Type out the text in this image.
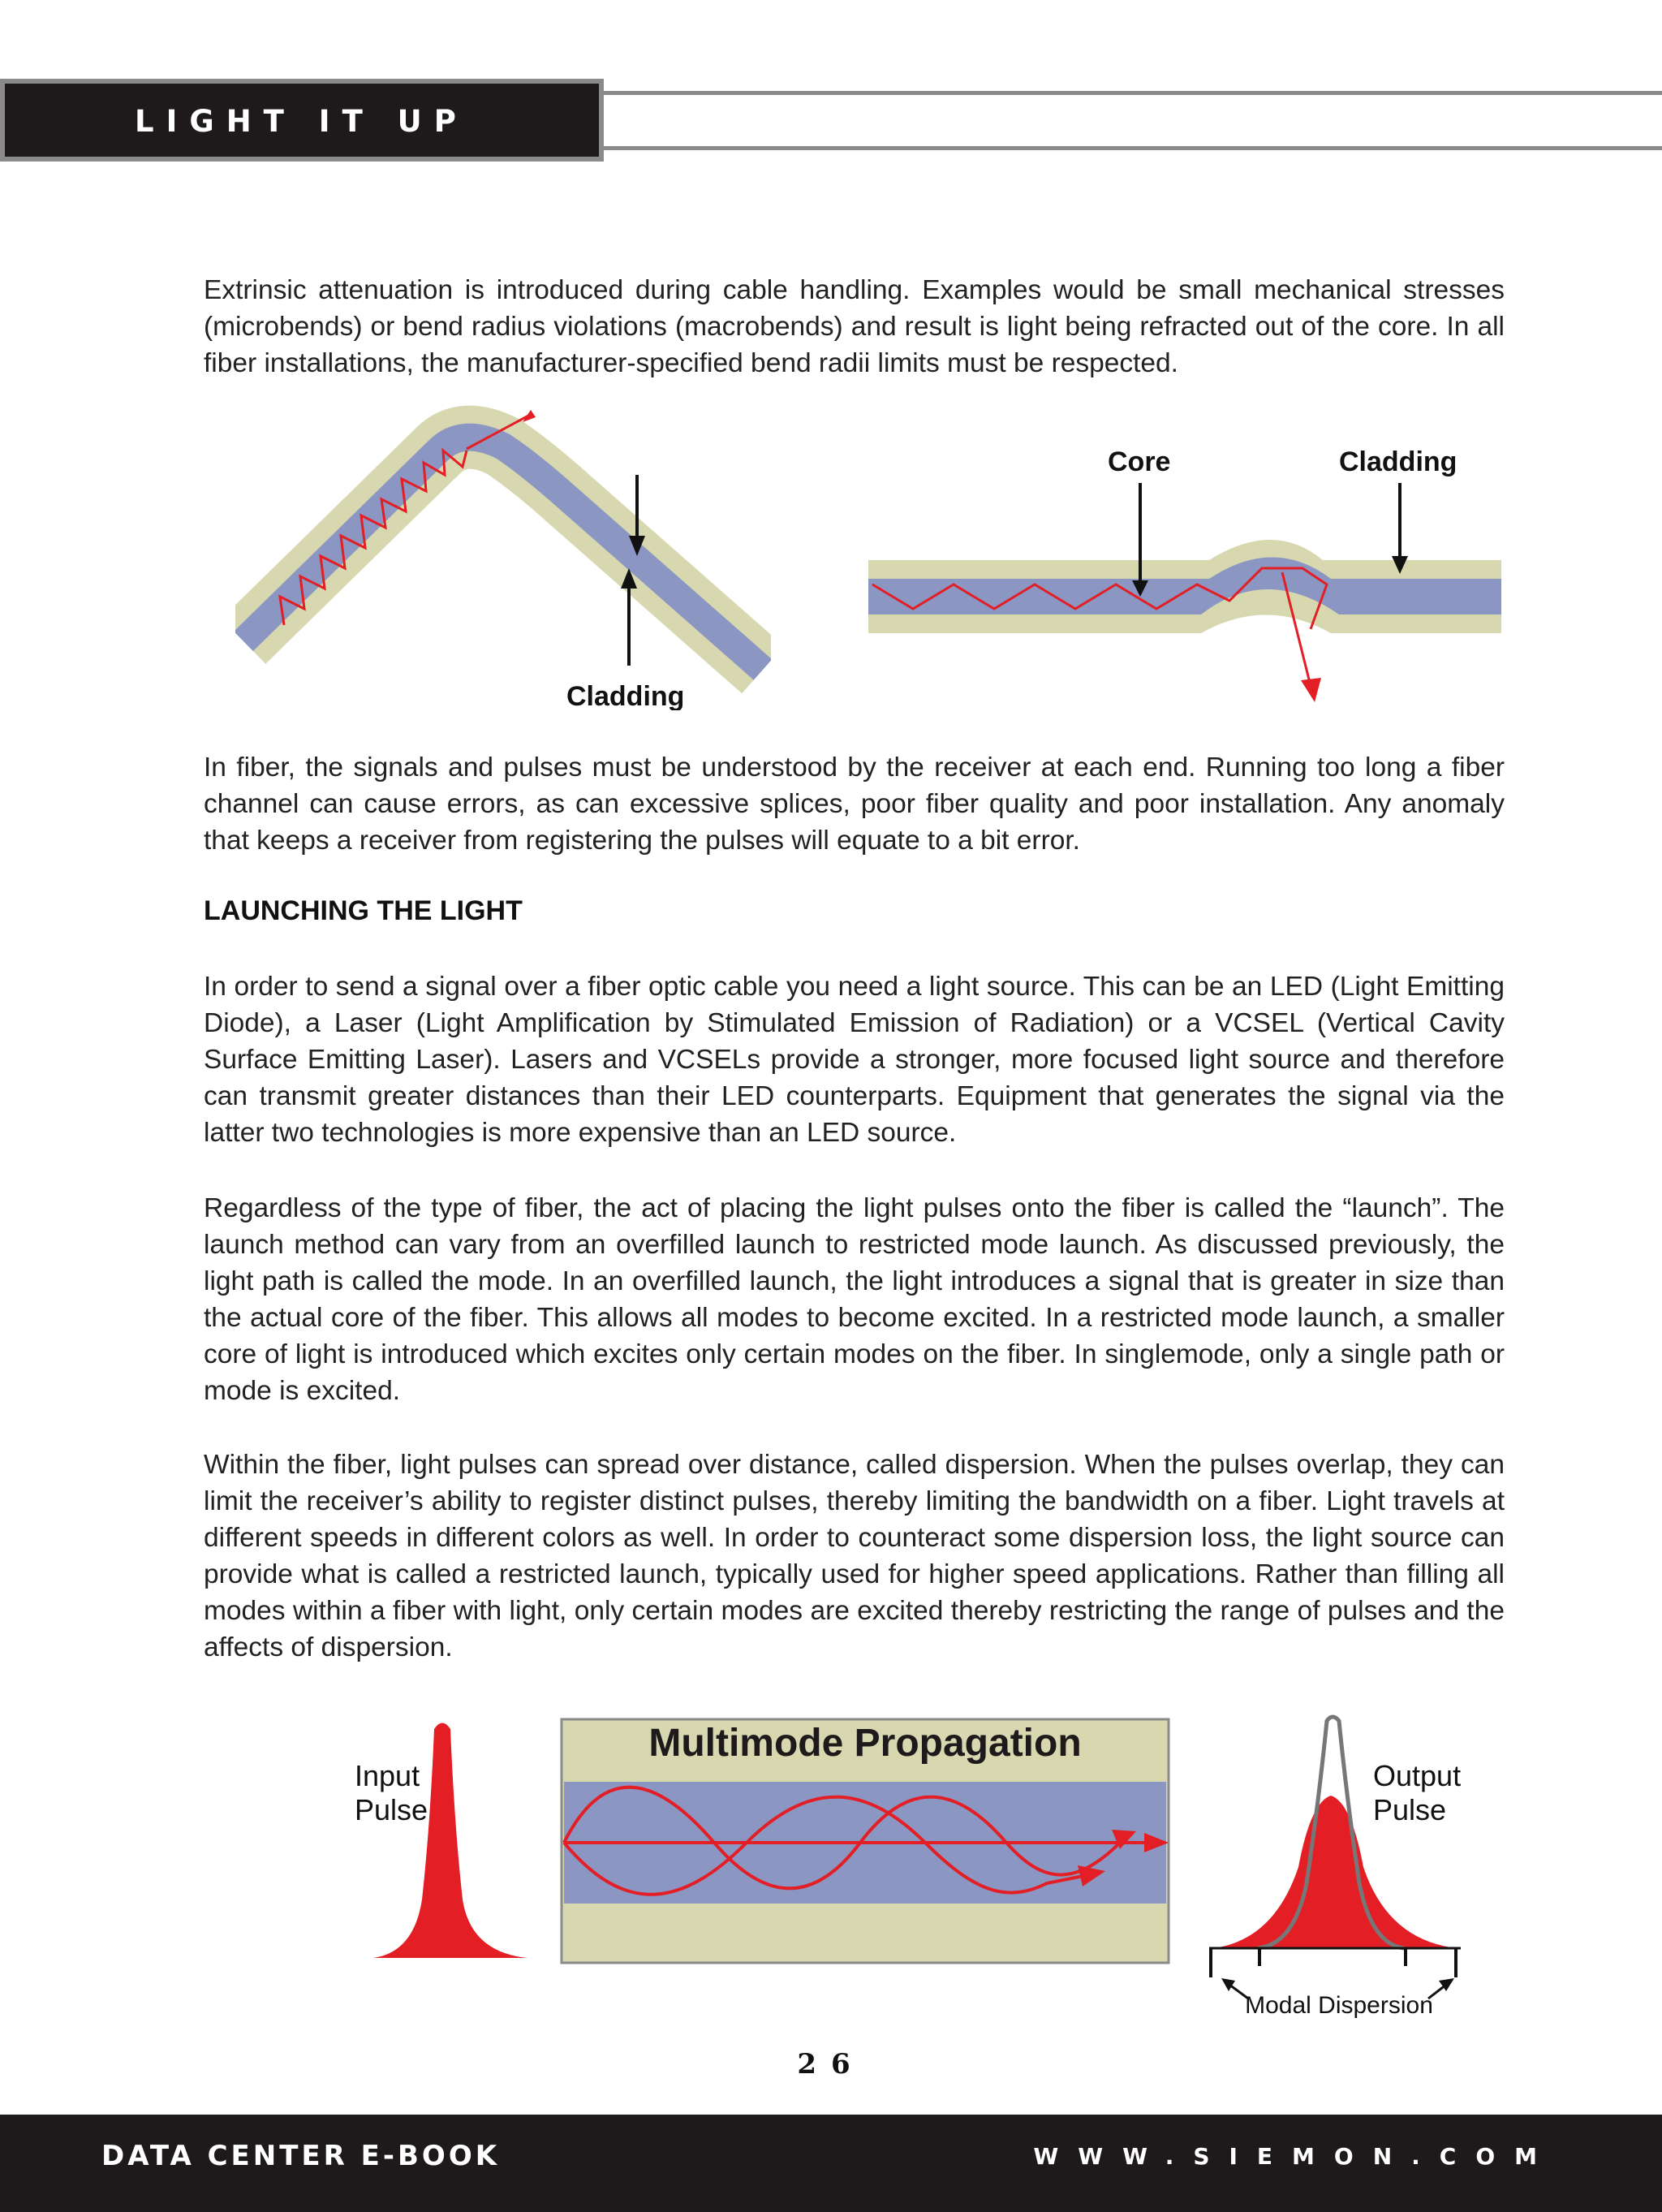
LIGHT IT UP

Extrinsic attenuation is introduced during cable handling. Examples would be small mechanical stresses (microbends) or bend radius violations (macrobends) and result is light being refracted out of the core. In all fiber installations, the manufacturer-specified bend radii limits must be respected.

Cladding
Core	Cladding

In fiber, the signals and pulses must be understood by the receiver at each end. Running too long a fiber channel can cause errors, as can excessive splices, poor fiber quality and poor installation. Any anomaly that keeps a receiver from registering the pulses will equate to a bit error.

LAUNCHING THE LIGHT

In order to send a signal over a fiber optic cable you need a light source. This can be an LED (Light Emitting Diode), a Laser (Light Amplification by Stimulated Emission of Radiation) or a VCSEL (Vertical Cavity Surface Emitting Laser). Lasers and VCSELs provide a stronger, more focused light source and therefore can transmit greater distances than their LED counterparts. Equipment that generates the signal via the latter two technologies is more expensive than an LED source.

Regardless of the type of fiber, the act of placing the light pulses onto the fiber is called the “launch”. The launch method can vary from an overfilled launch to restricted mode launch. As discussed previously, the light path is called the mode. In an overfilled launch, the light introduces a signal that is greater in size than the actual core of the fiber. This allows all modes to become excited. In a restricted mode launch, a smaller core of light is introduced which excites only certain modes on the fiber. In singlemode, only a single path or mode is excited.

Within the fiber, light pulses can spread over distance, called dispersion. When the pulses overlap, they can limit the receiver’s ability to register distinct pulses, thereby limiting the bandwidth on a fiber. Light travels at different speeds in different colors as well. In order to counteract some dispersion loss, the light source can provide what is called a restricted launch, typically used for higher speed applications. Rather than filling all modes within a fiber with light, only certain modes are excited thereby restricting the range of pulses and the affects of dispersion.

Input
Pulse
Multimode Propagation
Output
Pulse
Modal Dispersion
26
DATA CENTER E-BOOK	WWW.SIEMON.COM
